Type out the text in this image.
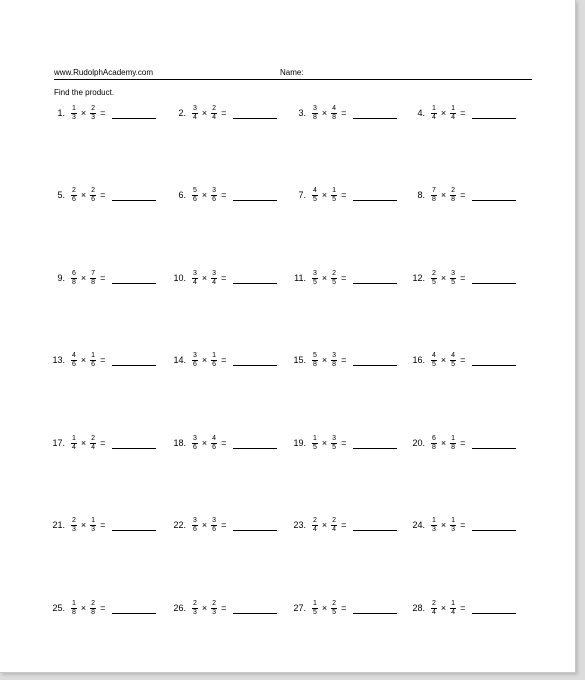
www.RudolphAcademy.com	Name:
Find the product.
1. $\frac{1}{3} \times \frac{2}{3}$ =	2. $\frac{3}{4} \times \frac{2}{4}$ =	3. $\frac{3}{8} \times \frac{4}{8}$ =	4. $\frac{1}{4} \times \frac{1}{4}$ =
5. $\frac{2}{6} \times \frac{2}{6}$ =	6. $\frac{5}{6} \times \frac{3}{6}$ =	7. $\frac{4}{5} \times \frac{1}{5}$ =	8. $\frac{7}{8} \times \frac{2}{8}$ =
9. $\frac{6}{8} \times \frac{7}{8}$ =	10. $\frac{3}{4} \times \frac{3}{4}$ =	11. $\frac{3}{5} \times \frac{2}{5}$ =	12. $\frac{2}{5} \times \frac{3}{5}$ =
13. $\frac{4}{6} \times \frac{1}{6}$ =	14. $\frac{3}{6} \times \frac{1}{6}$ =	15. $\frac{5}{8} \times \frac{3}{8}$ =	16. $\frac{4}{5} \times \frac{4}{5}$ =
17. $\frac{1}{4} \times \frac{2}{4}$ =	18. $\frac{3}{6} \times \frac{4}{6}$ =	19. $\frac{1}{5} \times \frac{3}{5}$ =	20. $\frac{6}{8} \times \frac{1}{8}$ =
21. $\frac{2}{3} \times \frac{1}{3}$ =	22. $\frac{3}{6} \times \frac{3}{6}$ =	23. $\frac{2}{4} \times \frac{2}{4}$ =	24. $\frac{1}{3} \times \frac{1}{3}$ =
25. $\frac{1}{8} \times \frac{2}{8}$ =	26. $\frac{2}{3} \times \frac{2}{3}$ =	27. $\frac{1}{5} \times \frac{2}{5}$ =	28. $\frac{2}{4} \times \frac{1}{4}$ =
